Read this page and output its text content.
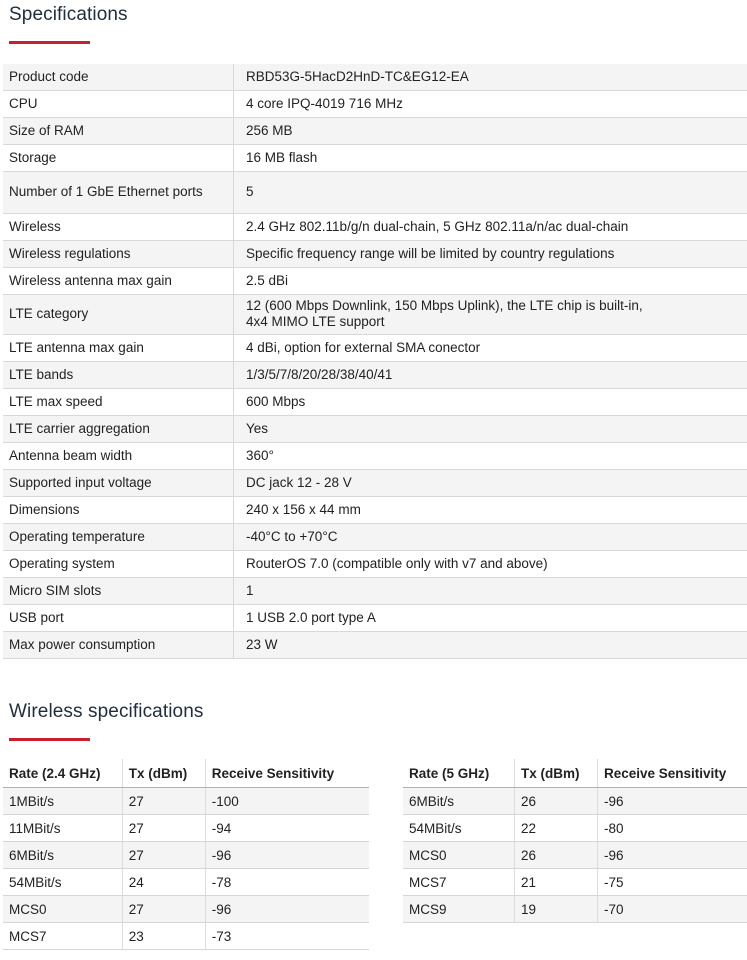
Specifications
Product code	RBD53G-5HacD2HnD-TC&EG12-EA
CPU	4 core IPQ-4019 716 MHz
Size of RAM	256 MB
Storage	16 MB flash
Number of 1 GbE Ethernet ports	5
Wireless	2.4 GHz 802.11b/g/n dual-chain, 5 GHz 802.11a/n/ac dual-chain
Wireless regulations	Specific frequency range will be limited by country regulations
Wireless antenna max gain	2.5 dBi
LTE category	12 (600 Mbps Downlink, 150 Mbps Uplink), the LTE chip is built-in, 4x4 MIMO LTE support
LTE antenna max gain	4 dBi, option for external SMA conector
LTE bands	1/3/5/7/8/20/28/38/40/41
LTE max speed	600 Mbps
LTE carrier aggregation	Yes
Antenna beam width	360°
Supported input voltage	DC jack 12 - 28 V
Dimensions	240 x 156 x 44 mm
Operating temperature	-40°C to +70°C
Operating system	RouterOS 7.0 (compatible only with v7 and above)
Micro SIM slots	1
USB port	1 USB 2.0 port type A
Max power consumption	23 W
Wireless specifications
Rate (2.4 GHz)	Tx (dBm)	Receive Sensitivity
1MBit/s	27	-100
11MBit/s	27	-94
6MBit/s	27	-96
54MBit/s	24	-78
MCS0	27	-96
MCS7	23	-73
Rate (5 GHz)	Tx (dBm)	Receive Sensitivity
6MBit/s	26	-96
54MBit/s	22	-80
MCS0	26	-96
MCS7	21	-75
MCS9	19	-70
